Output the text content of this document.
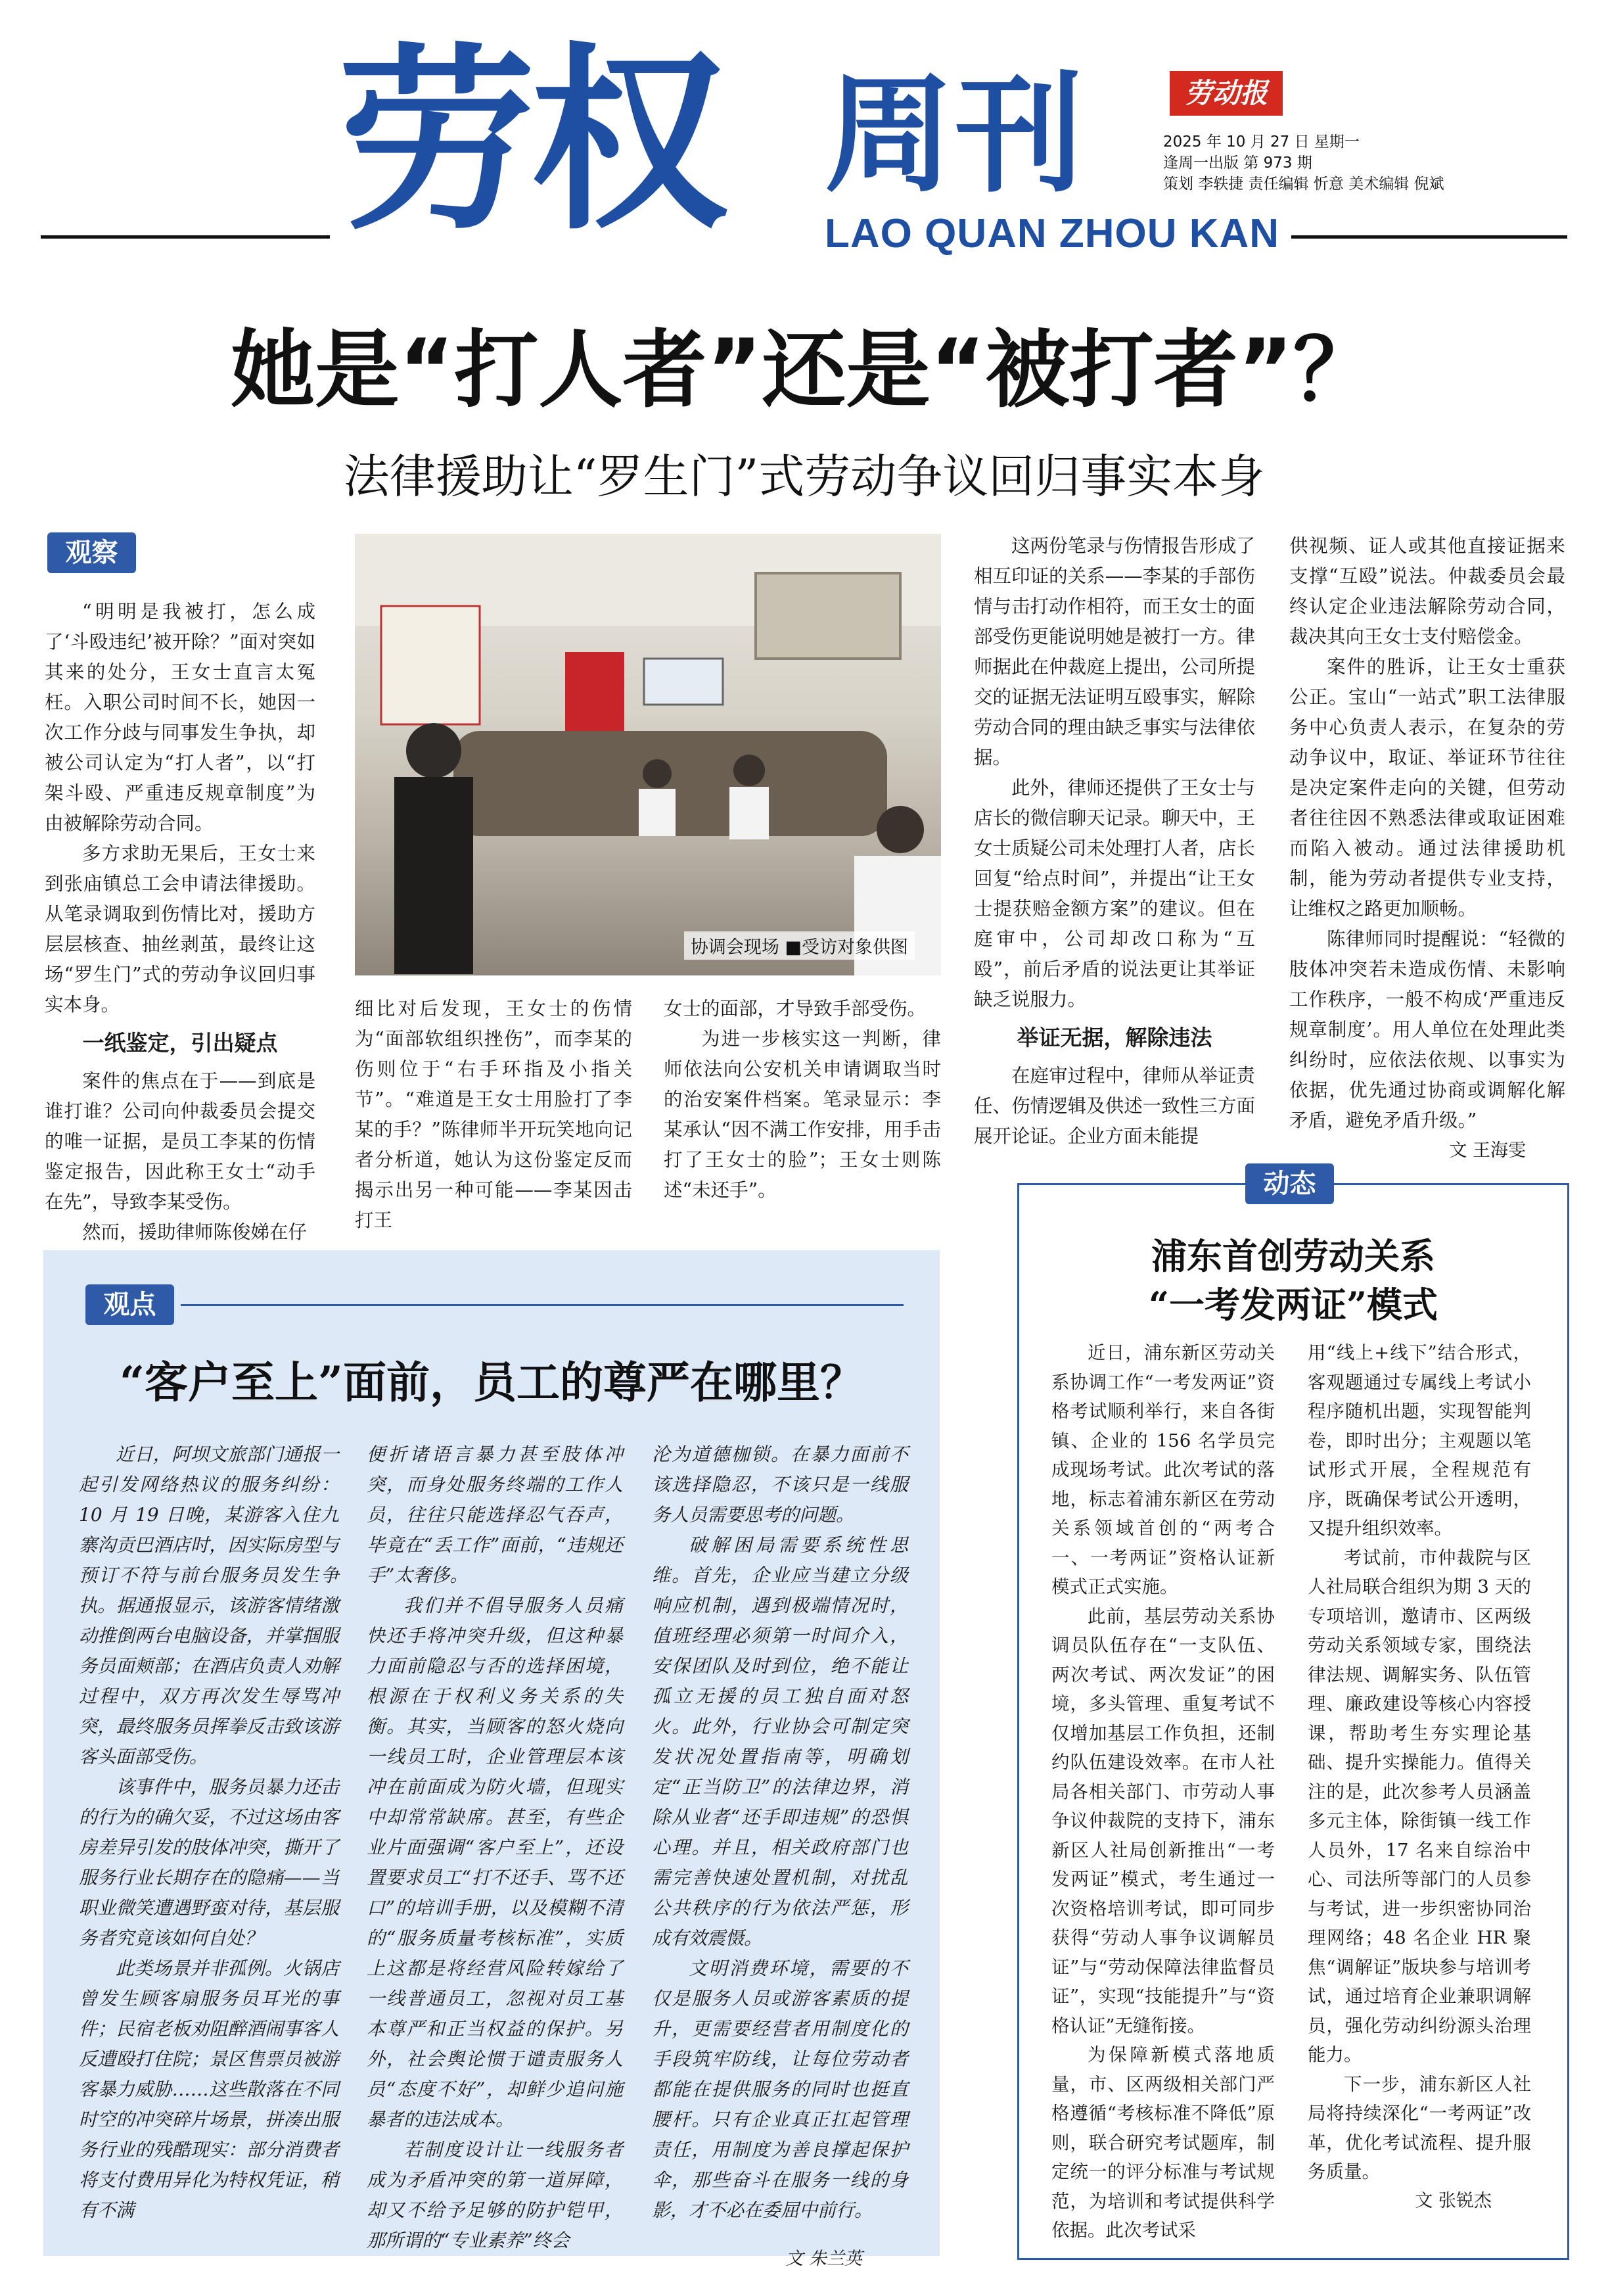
劳权 周刊
LAO QUAN ZHOU KAN
劳动报
2025 年 10 月 27 日 星期一
逢周一出版 第 973 期
策划 李轶捷 责任编辑 忻意 美术编辑 倪斌
她是“打人者”还是“被打者”？
法律援助让“罗生门”式劳动争议回归事实本身
观察

“明明是我被打，怎么成了‘斗殴违纪’被开除？”面对突如其来的处分，王女士直言太冤枉。入职公司时间不长，她因一次工作分歧与同事发生争执，却被公司认定为“打人者”，以“打架斗殴、严重违反规章制度”为由被解除劳动合同。

多方求助无果后，王女士来到张庙镇总工会申请法律援助。从笔录调取到伤情比对，援助方层层核查、抽丝剥茧，最终让这场“罗生门”式的劳动争议回归事实本身。

一纸鉴定，引出疑点

案件的焦点在于——到底是谁打谁？公司向仲裁委员会提交的唯一证据，是员工李某的伤情鉴定报告，因此称王女士“动手在先”，导致李某受伤。

然而，援助律师陈俊娣在仔

协调会现场 ■受访对象供图

细比对后发现，王女士的伤情为“面部软组织挫伤”，而李某的伤则位于“右手环指及小指关节”。“难道是王女士用脸打了李某的手？”陈律师半开玩笑地向记者分析道，她认为这份鉴定反而揭示出另一种可能——李某因击打王

女士的面部，才导致手部受伤。

为进一步核实这一判断，律师依法向公安机关申请调取当时的治安案件档案。笔录显示：李某承认“因不满工作安排，用手击打了王女士的脸”；王女士则陈述“未还手”。

这两份笔录与伤情报告形成了相互印证的关系——李某的手部伤情与击打动作相符，而王女士的面部受伤更能说明她是被打一方。律师据此在仲裁庭上提出，公司所提交的证据无法证明互殴事实，解除劳动合同的理由缺乏事实与法律依据。

此外，律师还提供了王女士与店长的微信聊天记录。聊天中，王女士质疑公司未处理打人者，店长回复“给点时间”，并提出“让王女士提获赔金额方案”的建议。但在庭审中，公司却改口称为“互殴”，前后矛盾的说法更让其举证缺乏说服力。

举证无据，解除违法

在庭审过程中，律师从举证责任、伤情逻辑及供述一致性三方面展开论证。企业方面未能提

供视频、证人或其他直接证据来支撑“互殴”说法。仲裁委员会最终认定企业违法解除劳动合同，裁决其向王女士支付赔偿金。

案件的胜诉，让王女士重获公正。宝山“一站式”职工法律服务中心负责人表示，在复杂的劳动争议中，取证、举证环节往往是决定案件走向的关键，但劳动者往往因不熟悉法律或取证困难而陷入被动。通过法律援助机制，能为劳动者提供专业支持，让维权之路更加顺畅。

陈律师同时提醒说：“轻微的肢体冲突若未造成伤情、未影响工作秩序，一般不构成‘严重违反规章制度’。用人单位在处理此类纠纷时，应依法依规、以事实为依据，优先通过协商或调解化解矛盾，避免矛盾升级。”

文 王海雯
观点
“客户至上”面前，员工的尊严在哪里？

近日，阿坝文旅部门通报一起引发网络热议的服务纠纷：10 月 19 日晚，某游客入住九寨沟贡巴酒店时，因实际房型与预订不符与前台服务员发生争执。据通报显示，该游客情绪激动推倒两台电脑设备，并掌掴服务员面颊部；在酒店负责人劝解过程中，双方再次发生辱骂冲突，最终服务员挥拳反击致该游客头面部受伤。

该事件中，服务员暴力还击的行为的确欠妥，不过这场由客房差异引发的肢体冲突，撕开了服务行业长期存在的隐痛——当职业微笑遭遇野蛮对待，基层服务者究竟该如何自处？

此类场景并非孤例。火锅店曾发生顾客扇服务员耳光的事件；民宿老板劝阻醉酒闹事客人反遭殴打住院；景区售票员被游客暴力威胁……这些散落在不同时空的冲突碎片场景，拼凑出服务行业的残酷现实：部分消费者将支付费用异化为特权凭证，稍有不满

便折诸语言暴力甚至肢体冲突，而身处服务终端的工作人员，往往只能选择忍气吞声，毕竟在“丢工作”面前，“违规还手”太奢侈。

我们并不倡导服务人员痛快还手将冲突升级，但这种暴力面前隐忍与否的选择困境，根源在于权利义务关系的失衡。其实，当顾客的怒火烧向一线员工时，企业管理层本该冲在前面成为防火墙，但现实中却常常缺席。甚至，有些企业片面强调“客户至上”，还设置要求员工“打不还手、骂不还口”的培训手册，以及模糊不清的“服务质量考核标准”，实质上这都是将经营风险转嫁给了一线普通员工，忽视对员工基本尊严和正当权益的保护。另外，社会舆论惯于谴责服务人员“态度不好”，却鲜少追问施暴者的违法成本。

若制度设计让一线服务者成为矛盾冲突的第一道屏障，却又不给予足够的防护铠甲，那所谓的“专业素养”终会

沦为道德枷锁。在暴力面前不该选择隐忍，不该只是一线服务人员需要思考的问题。

破解困局需要系统性思维。首先，企业应当建立分级响应机制，遇到极端情况时，值班经理必须第一时间介入，安保团队及时到位，绝不能让孤立无援的员工独自面对怒火。此外，行业协会可制定突发状况处置指南等，明确划定“正当防卫”的法律边界，消除从业者“还手即违规”的恐惧心理。并且，相关政府部门也需完善快速处置机制，对扰乱公共秩序的行为依法严惩，形成有效震慑。

文明消费环境，需要的不仅是服务人员或游客素质的提升，更需要经营者用制度化的手段筑牢防线，让每位劳动者都能在提供服务的同时也挺直腰杆。只有企业真正扛起管理责任，用制度为善良撑起保护伞，那些奋斗在服务一线的身影，才不必在委屈中前行。

文 朱兰英
动态
浦东首创劳动关系
“一考发两证”模式

近日，浦东新区劳动关系协调工作“一考发两证”资格考试顺利举行，来自各街镇、企业的 156 名学员完成现场考试。此次考试的落地，标志着浦东新区在劳动关系领域首创的“两考合一、一考两证”资格认证新模式正式实施。

此前，基层劳动关系协调员队伍存在“一支队伍、两次考试、两次发证”的困境，多头管理、重复考试不仅增加基层工作负担，还制约队伍建设效率。在市人社局各相关部门、市劳动人事争议仲裁院的支持下，浦东新区人社局创新推出“一考发两证”模式，考生通过一次资格培训考试，即可同步获得“劳动人事争议调解员证”与“劳动保障法律监督员证”，实现“技能提升”与“资格认证”无缝衔接。

为保障新模式落地质量，市、区两级相关部门严格遵循“考核标准不降低”原则，联合研究考试题库，制定统一的评分标准与考试规范，为培训和考试提供科学依据。此次考试采

用“线上+线下”结合形式，客观题通过专属线上考试小程序随机出题，实现智能判卷，即时出分；主观题以笔试形式开展，全程规范有序，既确保考试公开透明，又提升组织效率。

考试前，市仲裁院与区人社局联合组织为期 3 天的专项培训，邀请市、区两级劳动关系领域专家，围绕法律法规、调解实务、队伍管理、廉政建设等核心内容授课，帮助考生夯实理论基础、提升实操能力。值得关注的是，此次参考人员涵盖多元主体，除街镇一线工作人员外，17 名来自综治中心、司法所等部门的人员参与考试，进一步织密协同治理网络；48 名企业 HR 聚焦“调解证”版块参与培训考试，通过培育企业兼职调解员，强化劳动纠纷源头治理能力。

下一步，浦东新区人社局将持续深化“一考两证”改革，优化考试流程、提升服务质量。

文 张锐杰
